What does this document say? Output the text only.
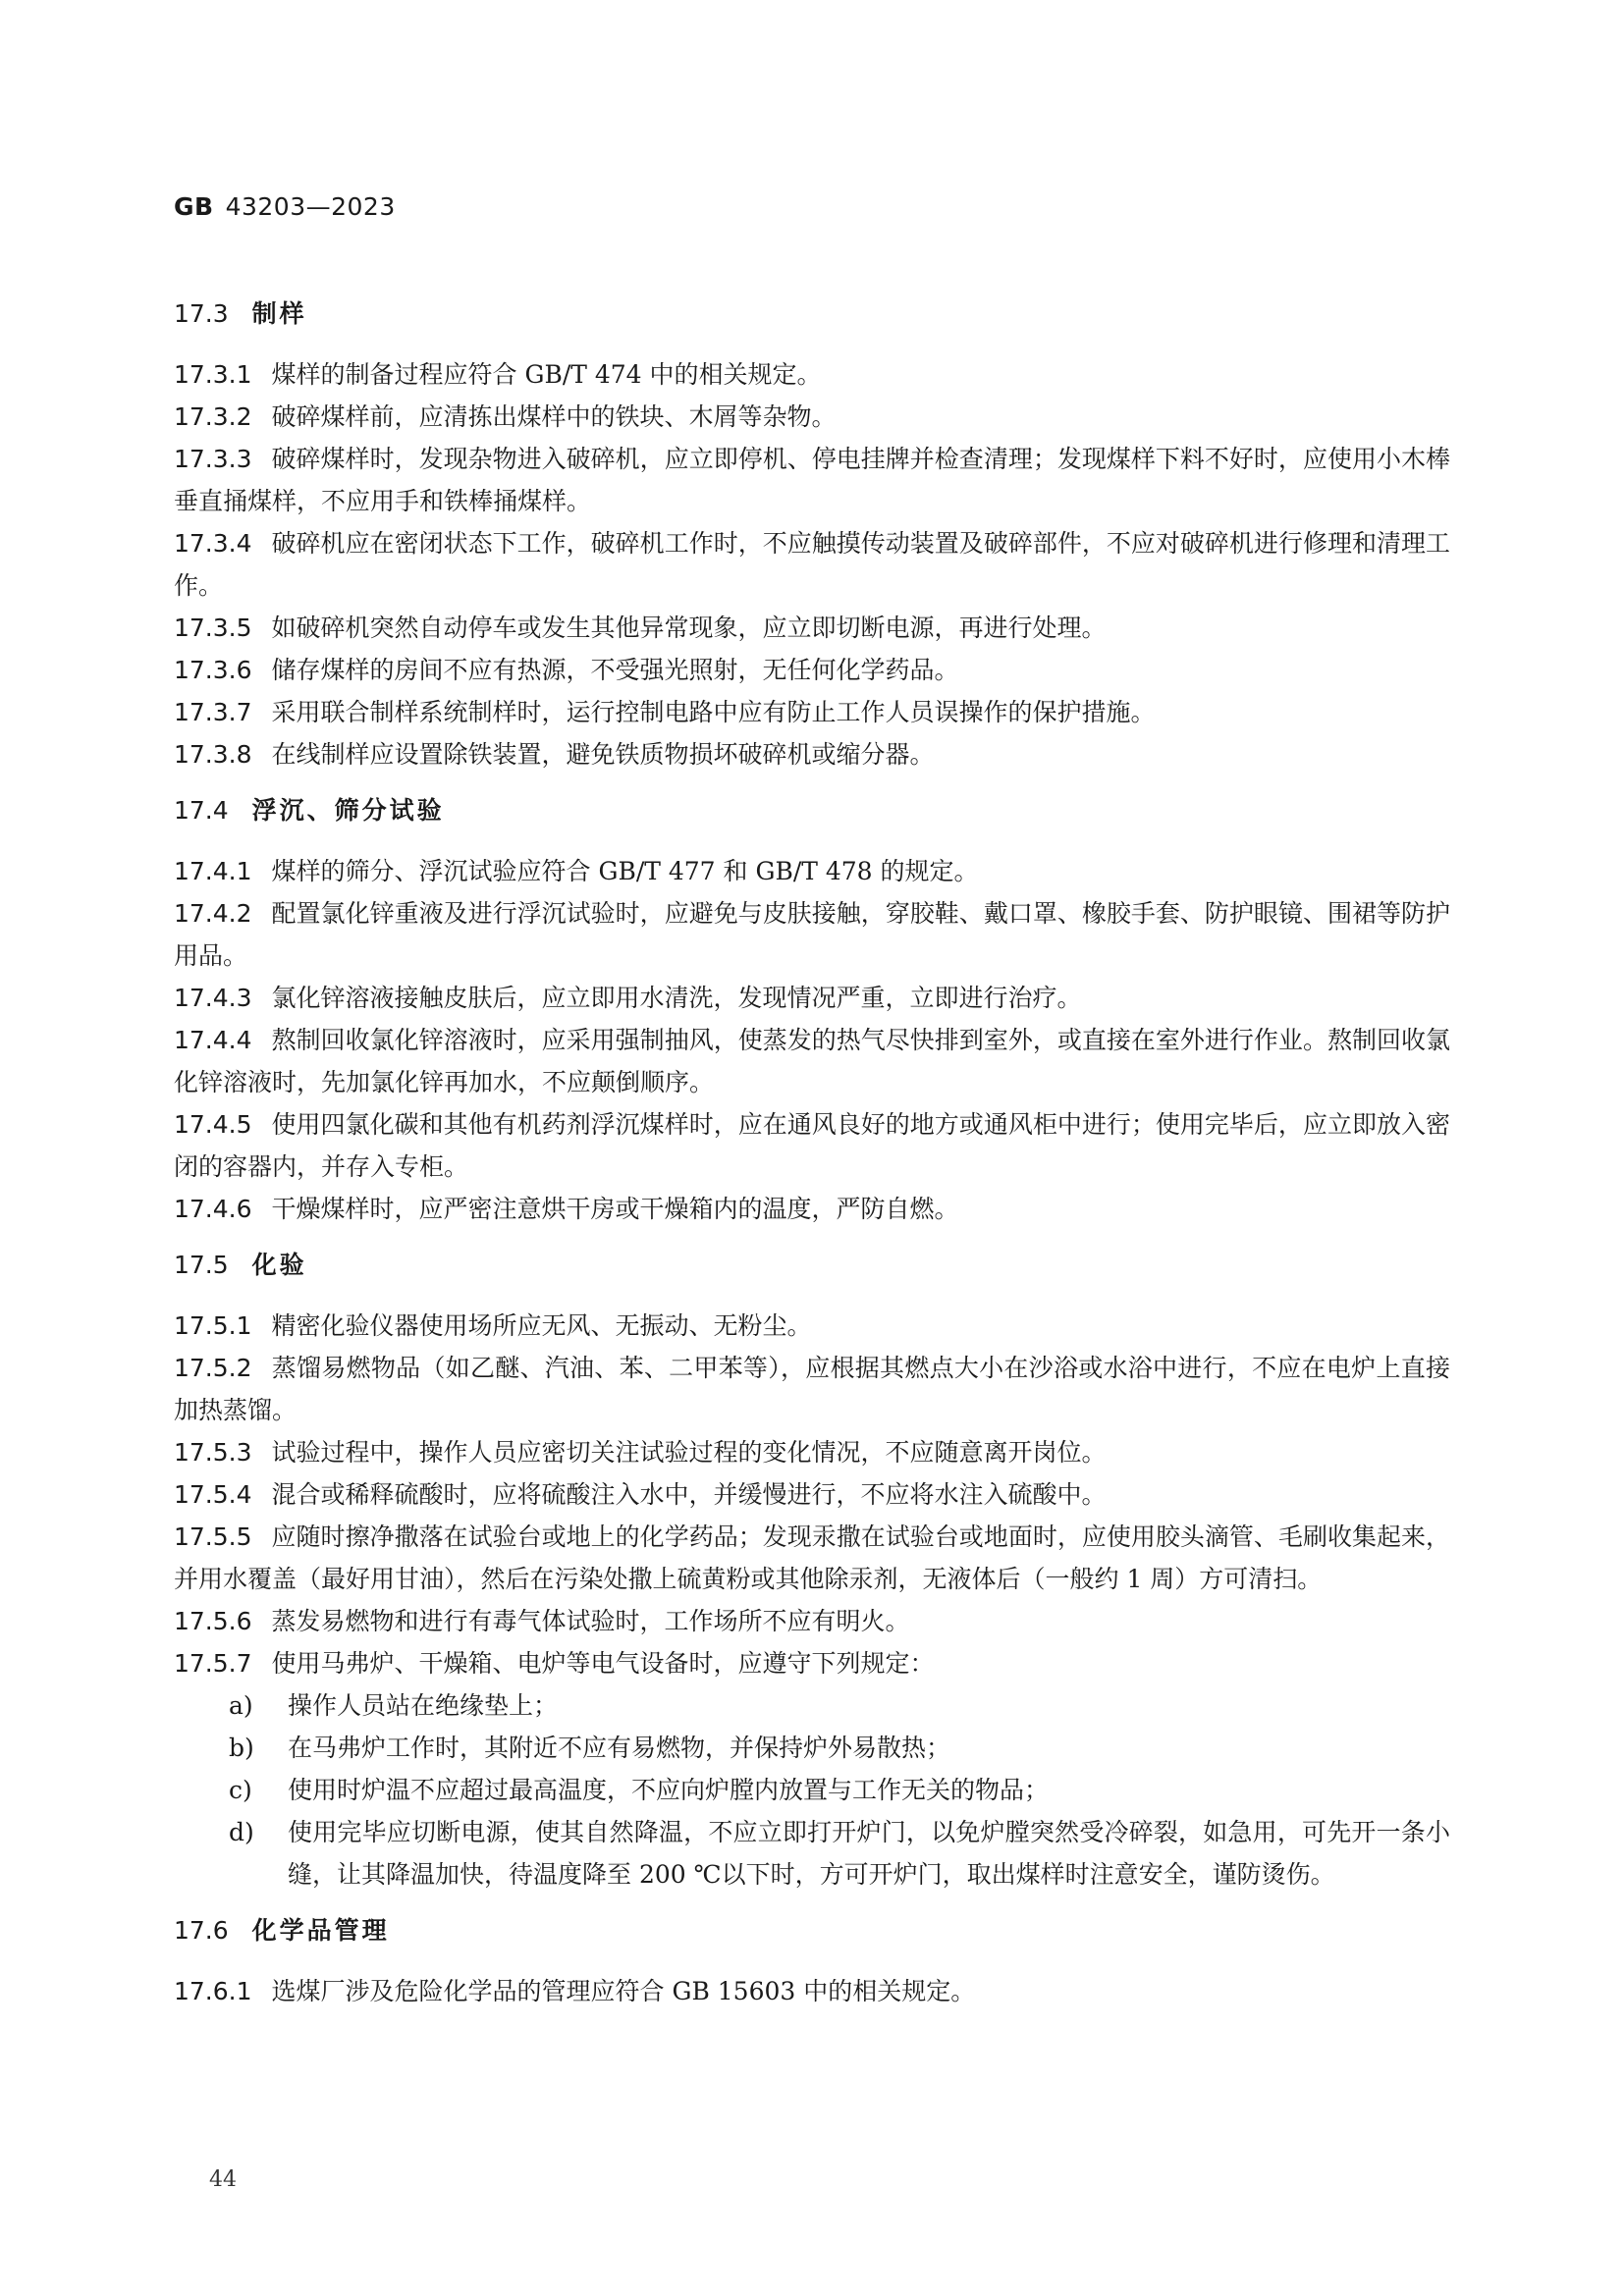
GB 43203—2023
17.3 制样

17.3.1 煤样的制备过程应符合 GB/T 474 中的相关规定。

17.3.2 破碎煤样前，应清拣出煤样中的铁块、木屑等杂物。

17.3.3 破碎煤样时，发现杂物进入破碎机，应立即停机、停电挂牌并检查清理；发现煤样下料不好时，应使用小木棒垂直捅煤样，不应用手和铁棒捅煤样。

17.3.4 破碎机应在密闭状态下工作，破碎机工作时，不应触摸传动装置及破碎部件，不应对破碎机进行修理和清理工作。

17.3.5 如破碎机突然自动停车或发生其他异常现象，应立即切断电源，再进行处理。

17.3.6 储存煤样的房间不应有热源，不受强光照射，无任何化学药品。

17.3.7 采用联合制样系统制样时，运行控制电路中应有防止工作人员误操作的保护措施。

17.3.8 在线制样应设置除铁装置，避免铁质物损坏破碎机或缩分器。

17.4 浮沉、筛分试验

17.4.1 煤样的筛分、浮沉试验应符合 GB/T 477 和 GB/T 478 的规定。

17.4.2 配置氯化锌重液及进行浮沉试验时，应避免与皮肤接触，穿胶鞋、戴口罩、橡胶手套、防护眼镜、围裙等防护用品。

17.4.3 氯化锌溶液接触皮肤后，应立即用水清洗，发现情况严重，立即进行治疗。

17.4.4 熬制回收氯化锌溶液时，应采用强制抽风，使蒸发的热气尽快排到室外，或直接在室外进行作业。熬制回收氯化锌溶液时，先加氯化锌再加水，不应颠倒顺序。

17.4.5 使用四氯化碳和其他有机药剂浮沉煤样时，应在通风良好的地方或通风柜中进行；使用完毕后，应立即放入密闭的容器内，并存入专柜。

17.4.6 干燥煤样时，应严密注意烘干房或干燥箱内的温度，严防自燃。

17.5 化验

17.5.1 精密化验仪器使用场所应无风、无振动、无粉尘。

17.5.2 蒸馏易燃物品（如乙醚、汽油、苯、二甲苯等），应根据其燃点大小在沙浴或水浴中进行，不应在电炉上直接加热蒸馏。

17.5.3 试验过程中，操作人员应密切关注试验过程的变化情况，不应随意离开岗位。

17.5.4 混合或稀释硫酸时，应将硫酸注入水中，并缓慢进行，不应将水注入硫酸中。

17.5.5 应随时擦净撒落在试验台或地上的化学药品；发现汞撒在试验台或地面时，应使用胶头滴管、毛刷收集起来，并用水覆盖（最好用甘油），然后在污染处撒上硫黄粉或其他除汞剂，无液体后（一般约 1 周）方可清扫。

17.5.6 蒸发易燃物和进行有毒气体试验时，工作场所不应有明火。

17.5.7 使用马弗炉、干燥箱、电炉等电气设备时，应遵守下列规定：

a) 操作人员站在绝缘垫上；
b) 在马弗炉工作时，其附近不应有易燃物，并保持炉外易散热；
c) 使用时炉温不应超过最高温度，不应向炉膛内放置与工作无关的物品；
d) 使用完毕应切断电源，使其自然降温，不应立即打开炉门，以免炉膛突然受冷碎裂，如急用，可先开一条小缝，让其降温加快，待温度降至 200 ℃以下时，方可开炉门，取出煤样时注意安全，谨防烫伤。
17.6 化学品管理

17.6.1 选煤厂涉及危险化学品的管理应符合 GB 15603 中的相关规定。

44
